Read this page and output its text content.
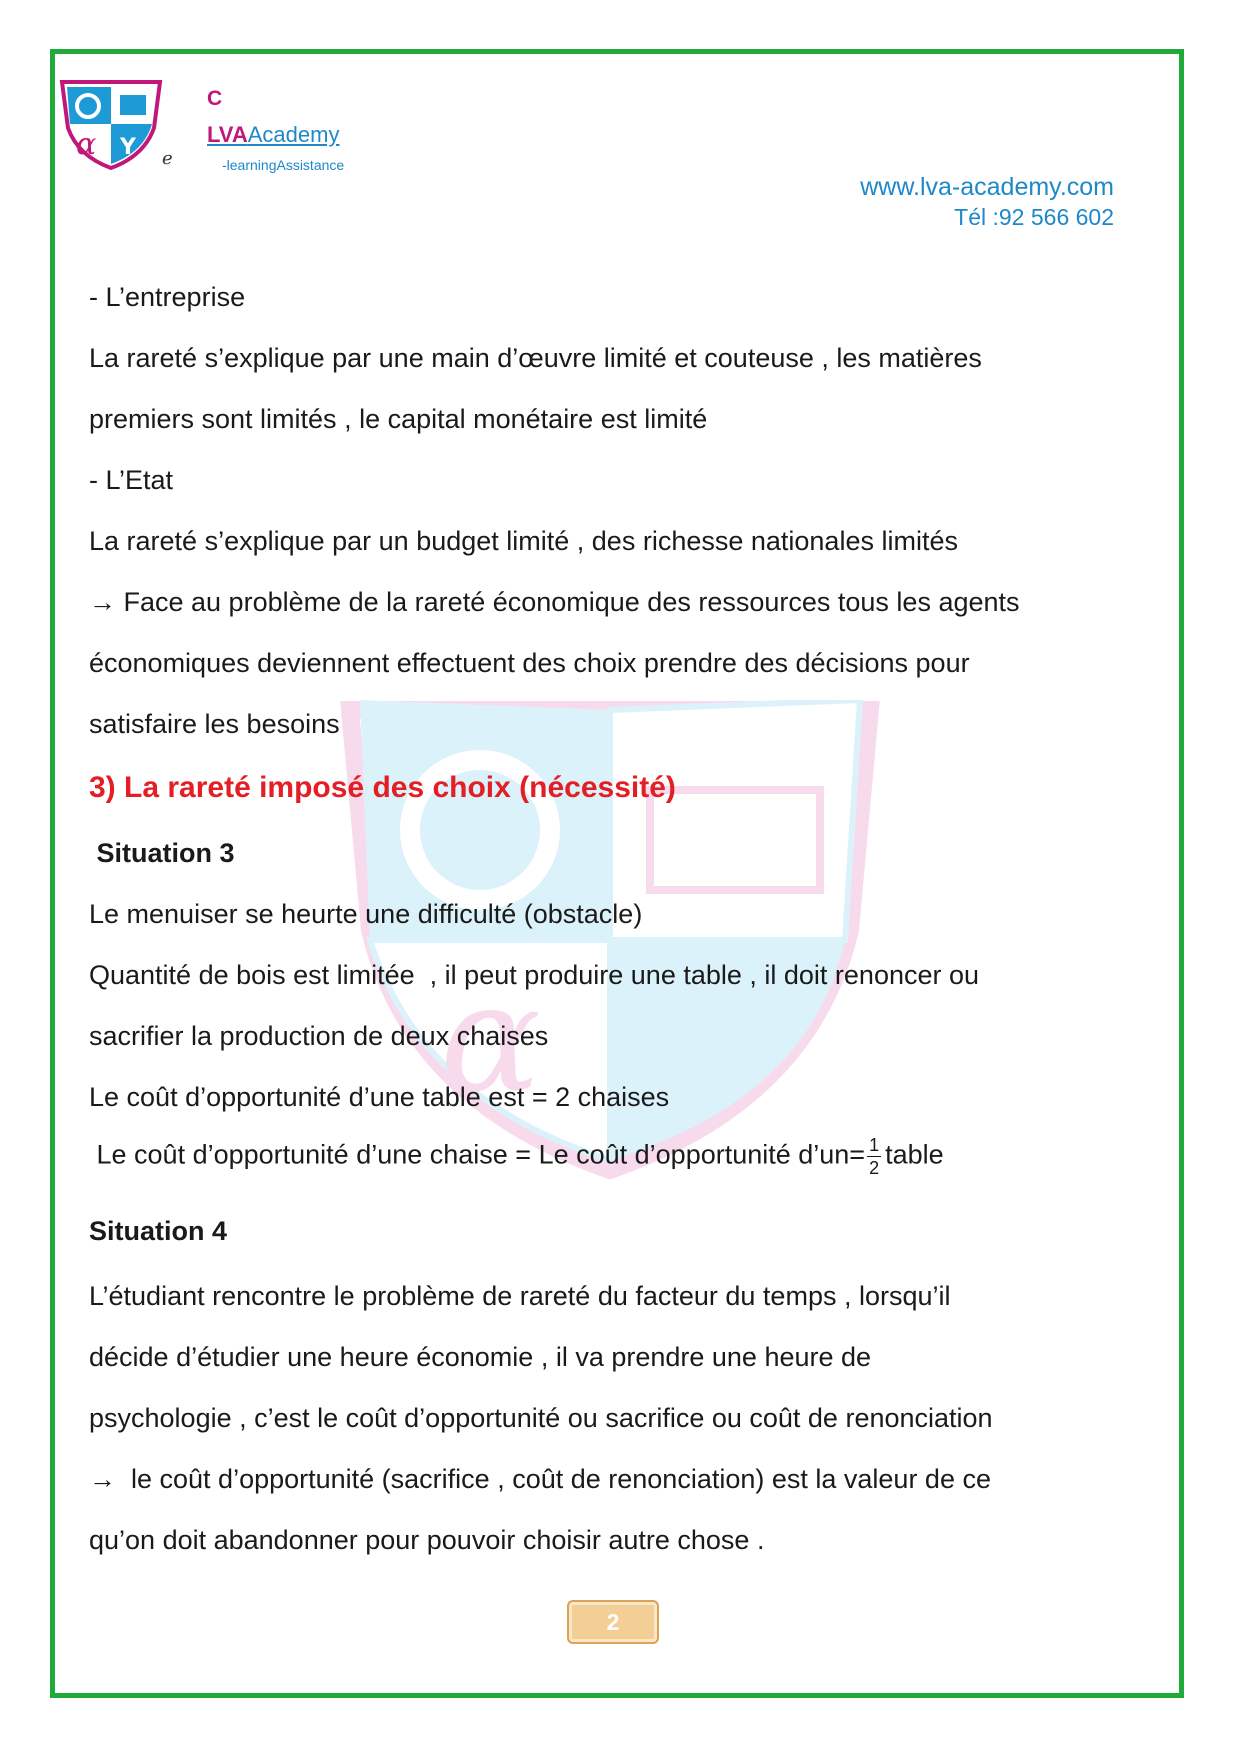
α
α Y e
C
LVAAcademy
-learningAssistance
www.lva-academy.com
Tél :92 566 602
- L’entreprise
La rareté s’explique par une main d’œuvre limité et couteuse , les matières
premiers sont limités , le capital monétaire est limité
- L’Etat
La rareté s’explique par un budget limité , des richesse nationales limités
→ Face au problème de la rareté économique des ressources tous les agents
économiques deviennent effectuent des choix prendre des décisions pour
satisfaire les besoins
3) La rareté imposé des choix (nécessité)
Situation 3
Le menuiser se heurte une difficulté (obstacle)
Quantité de bois est limitée  , il peut produire une table , il doit renoncer ou
sacrifier la production de deux chaises
Le coût d’opportunité d’une table est = 2 chaises
Le coût d’opportunité d’une chaise = Le coût d’opportunité d’un= $\frac{1}{2}$ table
Situation 4
L’étudiant rencontre le problème de rareté du facteur du temps , lorsqu’il
décide d’étudier une heure économie , il va prendre une heure de
psychologie , c’est le coût d’opportunité ou sacrifice ou coût de renonciation
→  le coût d’opportunité (sacrifice , coût de renonciation) est la valeur de ce
qu’on doit abandonner pour pouvoir choisir autre chose .
2
